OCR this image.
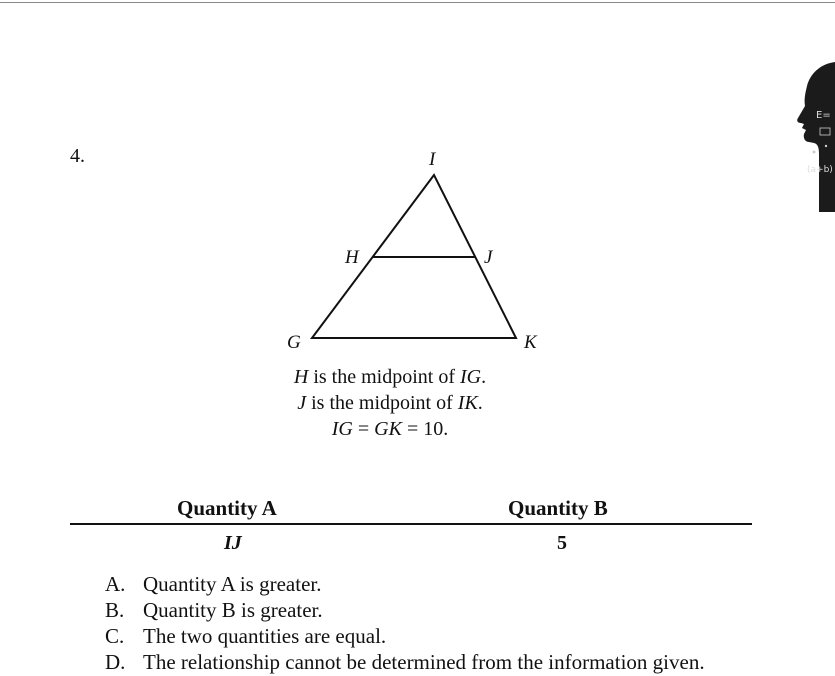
4.	I
H	J
G	K
H is the midpoint of IG.
J is the midpoint of IK.
IG = GK = 10.
Quantity A	Quantity B
IJ	5
A. Quantity A is greater.
B. Quantity B is greater.
C. The two quantities are equal.
D. The relationship cannot be determined from the information given.
E=
(a+b)
